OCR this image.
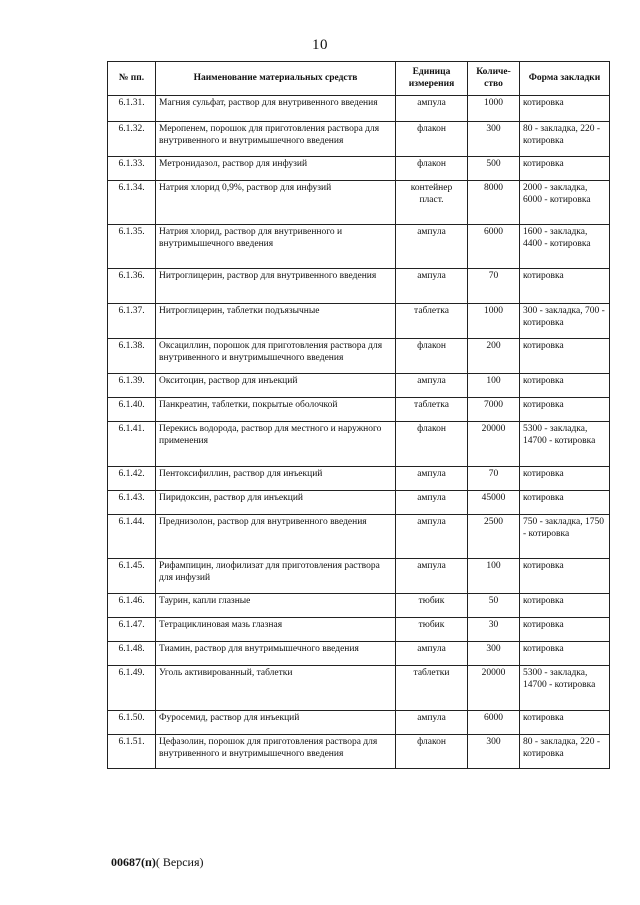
10
№ пп.	Наименование материальных средств	Единица измерения	Количе-ство	Форма закладки
6.1.31.	Магния сульфат, раствор для внутривенного введения	ампула	1000	котировка
6.1.32.	Меропенем, порошок для приготовления раствора для внутривенного и внутримышечного введения	флакон	300	80 - закладка, 220 - котировка
6.1.33.	Метронидазол, раствор для инфузий	флакон	500	котировка
6.1.34.	Натрия хлорид 0,9%, раствор для инфузий	контейнер пласт.	8000	2000 - закладка, 6000 - котировка
6.1.35.	Натрия хлорид, раствор для внутривенного и внутримышечного введения	ампула	6000	1600 - закладка, 4400 - котировка
6.1.36.	Нитроглицерин, раствор для внутривенного введения	ампула	70	котировка
6.1.37.	Нитроглицерин, таблетки подъязычные	таблетка	1000	300 - закладка, 700 - котировка
6.1.38.	Оксациллин, порошок для приготовления раствора для внутривенного и внутримышечного введения	флакон	200	котировка
6.1.39.	Окситоцин, раствор для инъекций	ампула	100	котировка
6.1.40.	Панкреатин, таблетки, покрытые оболочкой	таблетка	7000	котировка
6.1.41.	Перекись водорода, раствор для местного и наружного применения	флакон	20000	5300 - закладка, 14700 - котировка
6.1.42.	Пентоксифиллин, раствор для инъекций	ампула	70	котировка
6.1.43.	Пиридоксин, раствор для инъекций	ампула	45000	котировка
6.1.44.	Преднизолон, раствор для внутривенного введения	ампула	2500	750 - закладка, 1750 - котировка
6.1.45.	Рифампицин, лиофилизат для приготовления раствора для инфузий	ампула	100	котировка
6.1.46.	Таурин, капли глазные	тюбик	50	котировка
6.1.47.	Тетрациклиновая мазь глазная	тюбик	30	котировка
6.1.48.	Тиамин, раствор для внутримышечного введения	ампула	300	котировка
6.1.49.	Уголь активированный, таблетки	таблетки	20000	5300 - закладка, 14700 - котировка
6.1.50.	Фуросемид, раствор для инъекций	ампула	6000	котировка
6.1.51.	Цефазолин, порошок для приготовления раствора для внутривенного и внутримышечного введения	флакон	300	80 - закладка, 220 - котировка
00687(п)( Версия)
